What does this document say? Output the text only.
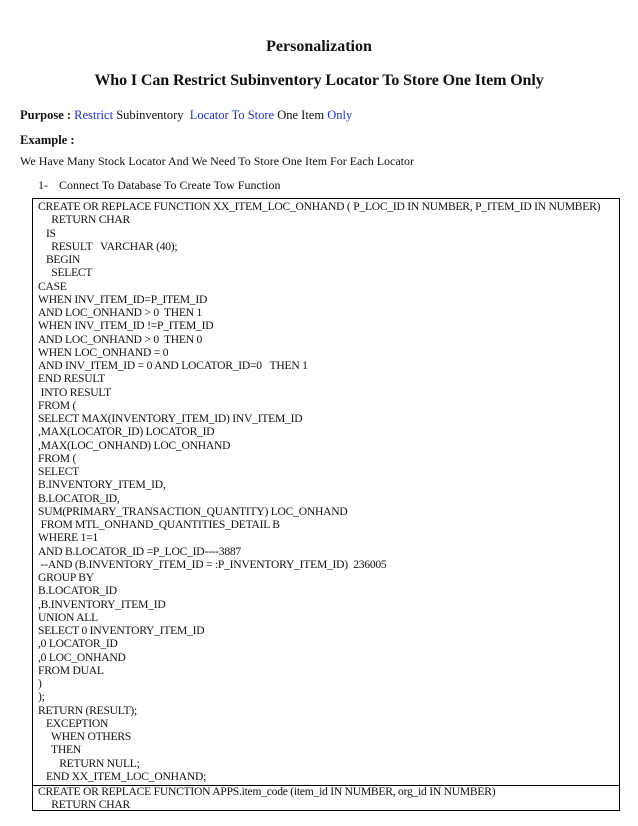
Personalization
Who I Can Restrict Subinventory Locator To Store One Item Only
Purpose : Restrict Subinventory Locator To Store One Item Only
Example :
We Have Many Stock Locator And We Need To Store One Item For Each Locator
1- Connect To Database To Create Tow Function
CREATE OR REPLACE FUNCTION XX_ITEM_LOC_ONHAND ( P_LOC_ID IN NUMBER, P_ITEM_ID IN NUMBER)
RETURN CHAR
IS
RESULT   VARCHAR (40);
BEGIN
SELECT
CASE
WHEN INV_ITEM_ID=P_ITEM_ID
AND LOC_ONHAND > 0  THEN 1
WHEN INV_ITEM_ID !=P_ITEM_ID
AND LOC_ONHAND > 0  THEN 0
WHEN LOC_ONHAND = 0
AND INV_ITEM_ID = 0 AND LOCATOR_ID=0   THEN 1
END RESULT
INTO RESULT
FROM (
SELECT MAX(INVENTORY_ITEM_ID) INV_ITEM_ID
,MAX(LOCATOR_ID) LOCATOR_ID
,MAX(LOC_ONHAND) LOC_ONHAND
FROM (
SELECT
B.INVENTORY_ITEM_ID,
B.LOCATOR_ID,
SUM(PRIMARY_TRANSACTION_QUANTITY) LOC_ONHAND
FROM MTL_ONHAND_QUANTITIES_DETAIL B
WHERE 1=1
AND B.LOCATOR_ID =P_LOC_ID----3887
--AND (B.INVENTORY_ITEM_ID = :P_INVENTORY_ITEM_ID)  236005
GROUP BY
B.LOCATOR_ID
,B.INVENTORY_ITEM_ID
UNION ALL
SELECT 0 INVENTORY_ITEM_ID
,0 LOCATOR_ID
,0 LOC_ONHAND
FROM DUAL
)
);
RETURN (RESULT);
EXCEPTION
WHEN OTHERS
THEN
RETURN NULL;
END XX_ITEM_LOC_ONHAND;
CREATE OR REPLACE FUNCTION APPS.item_code (item_id IN NUMBER, org_id IN NUMBER)
RETURN CHAR
